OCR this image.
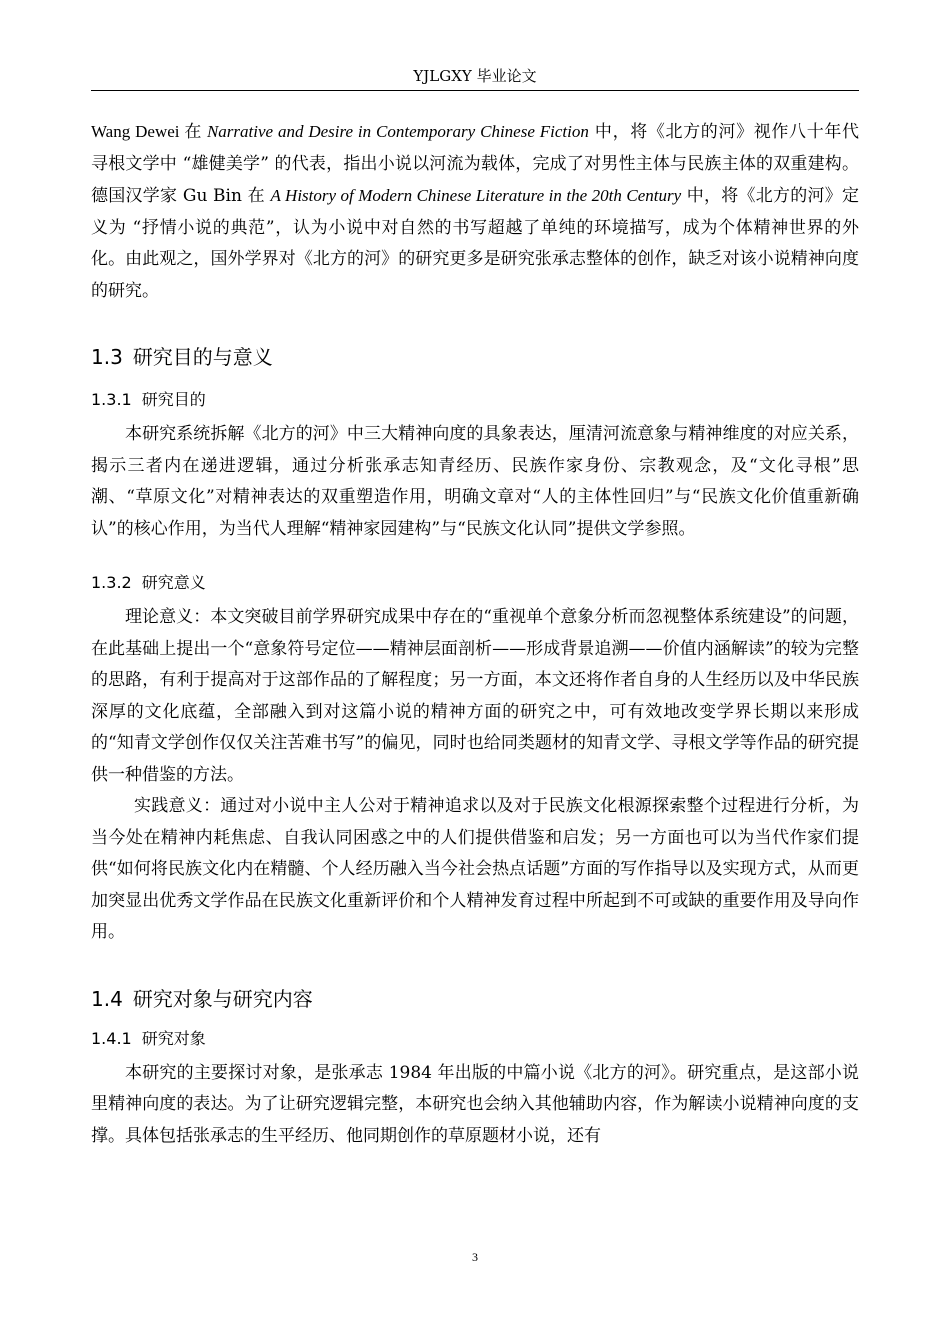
YJLGXY 毕业论文

Wang Dewei 在 Narrative and Desire in Contemporary Chinese Fiction 中，将《北方的河》视作八十年代寻根文学中 “雄健美学” 的代表，指出小说以河流为载体，完成了对男性主体与民族主体的双重建构。德国汉学家 Gu Bin 在 A History of Modern Chinese Literature in the 20th Century 中，将《北方的河》定义为 “抒情小说的典范”，认为小说中对自然的书写超越了单纯的环境描写，成为个体精神世界的外化。由此观之，国外学界对《北方的河》的研究更多是研究张承志整体的创作，缺乏对该小说精神向度的研究。

1.3 研究目的与意义
1.3.1 研究目的

本研究系统拆解《北方的河》中三大精神向度的具象表达，厘清河流意象与精神维度的对应关系，揭示三者内在递进逻辑，通过分析张承志知青经历、民族作家身份、宗教观念，及“文化寻根”思潮、“草原文化”对精神表达的双重塑造作用，明确文章对“人的主体性回归”与“民族文化价值重新确认”的核心作用，为当代人理解“精神家园建构”与“民族文化认同”提供文学参照。

1.3.2 研究意义

理论意义：本文突破目前学界研究成果中存在的“重视单个意象分析而忽视整体系统建设”的问题，在此基础上提出一个“意象符号定位——精神层面剖析——形成背景追溯——价值内涵解读”的较为完整的思路，有利于提高对于这部作品的了解程度；另一方面，本文还将作者自身的人生经历以及中华民族深厚的文化底蕴，全部融入到对这篇小说的精神方面的研究之中，可有效地改变学界长期以来形成的“知青文学创作仅仅关注苦难书写”的偏见，同时也给同类题材的知青文学、寻根文学等作品的研究提供一种借鉴的方法。

实践意义：通过对小说中主人公对于精神追求以及对于民族文化根源探索整个过程进行分析，为当今处在精神内耗焦虑、自我认同困惑之中的人们提供借鉴和启发；另一方面也可以为当代作家们提供“如何将民族文化内在精髓、个人经历融入当今社会热点话题”方面的写作指导以及实现方式，从而更加突显出优秀文学作品在民族文化重新评价和个人精神发育过程中所起到不可或缺的重要作用及导向作用。

1.4 研究对象与研究内容
1.4.1 研究对象

本研究的主要探讨对象，是张承志 1984 年出版的中篇小说《北方的河》。研究重点，是这部小说里精神向度的表达。为了让研究逻辑完整，本研究也会纳入其他辅助内容，作为解读小说精神向度的支撑。具体包括张承志的生平经历、他同期创作的草原题材小说，还有

3
